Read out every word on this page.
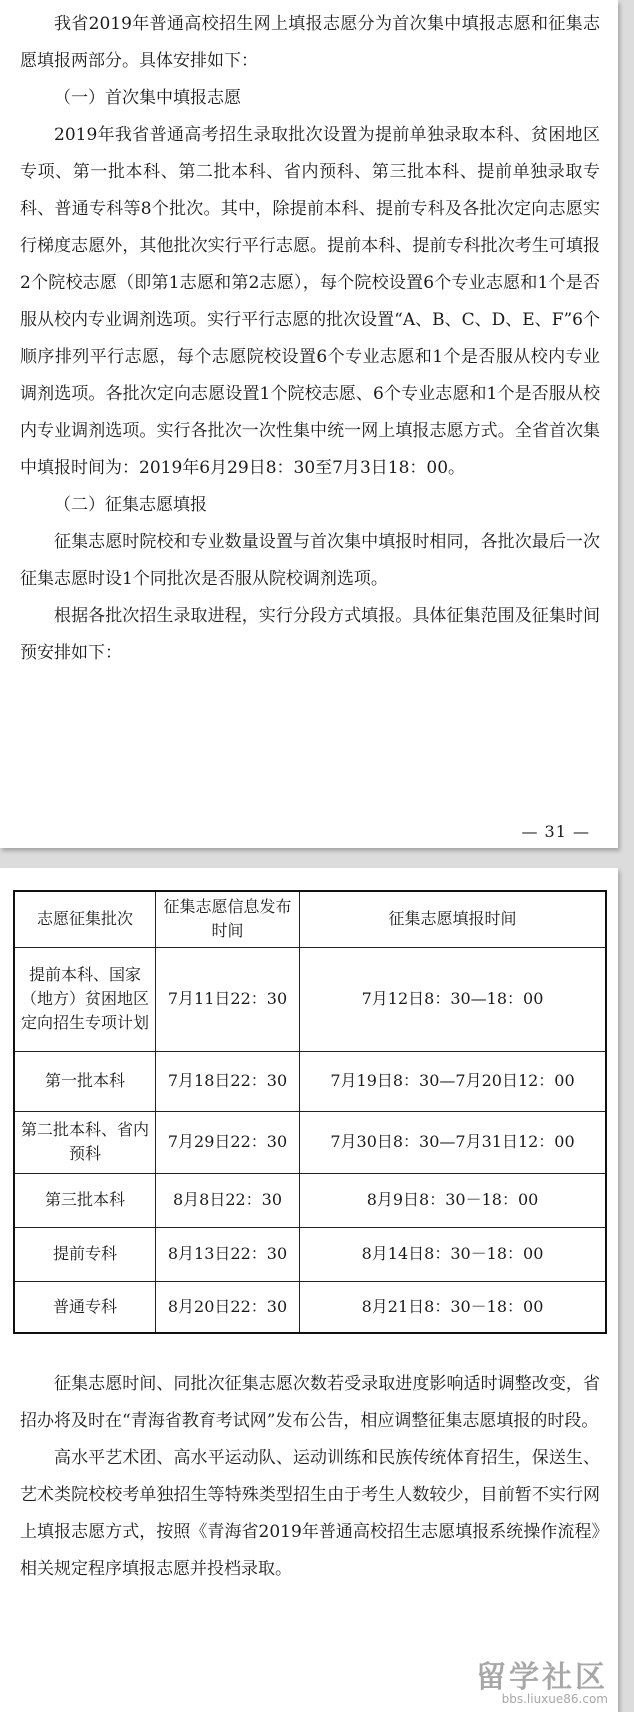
我省2019年普通高校招生网上填报志愿分为首次集中填报志愿和征集志愿填报两部分。具体安排如下：

（一）首次集中填报志愿

2019年我省普通高考招生录取批次设置为提前单独录取本科、贫困地区专项、第一批本科、第二批本科、省内预科、第三批本科、提前单独录取专科、普通专科等8个批次。其中，除提前本科、提前专科及各批次定向志愿实行梯度志愿外，其他批次实行平行志愿。提前本科、提前专科批次考生可填报2个院校志愿（即第1志愿和第2志愿），每个院校设置6个专业志愿和1个是否服从校内专业调剂选项。实行平行志愿的批次设置“A、B、C、D、E、F”6个顺序排列平行志愿，每个志愿院校设置6个专业志愿和1个是否服从校内专业调剂选项。各批次定向志愿设置1个院校志愿、6个专业志愿和1个是否服从校内专业调剂选项。实行各批次一次性集中统一网上填报志愿方式。全省首次集中填报时间为：2019年6月29日8：30至7月3日18：00。

（二）征集志愿填报

征集志愿时院校和专业数量设置与首次集中填报时相同，各批次最后一次征集志愿时设1个同批次是否服从院校调剂选项。

根据各批次招生录取进程，实行分段方式填报。具体征集范围及征集时间预安排如下：

— 31 —
志愿征集批次	征集志愿信息发布时间	征集志愿填报时间
提前本科、国家（地方）贫困地区定向招生专项计划	7月11日22：30	7月12日8：30—18：00
第一批本科	7月18日22：30	7月19日8：30—7月20日12：00
第二批本科、省内预科	7月29日22：30	7月30日8：30—7月31日12：00
第三批本科	8月8日22：30	8月9日8：30－18：00
提前专科	8月13日22：30	8月14日8：30－18：00
普通专科	8月20日22：30	8月21日8：30－18：00

征集志愿时间、同批次征集志愿次数若受录取进度影响适时调整改变，省招办将及时在“青海省教育考试网”发布公告，相应调整征集志愿填报的时段。

高水平艺术团、高水平运动队、运动训练和民族传统体育招生，保送生、艺术类院校校考单独招生等特殊类型招生由于考生人数较少，目前暂不实行网上填报志愿方式，按照《青海省2019年普通高校招生志愿填报系统操作流程》相关规定程序填报志愿并投档录取。

留学社区
bbs.liuxue86.com
